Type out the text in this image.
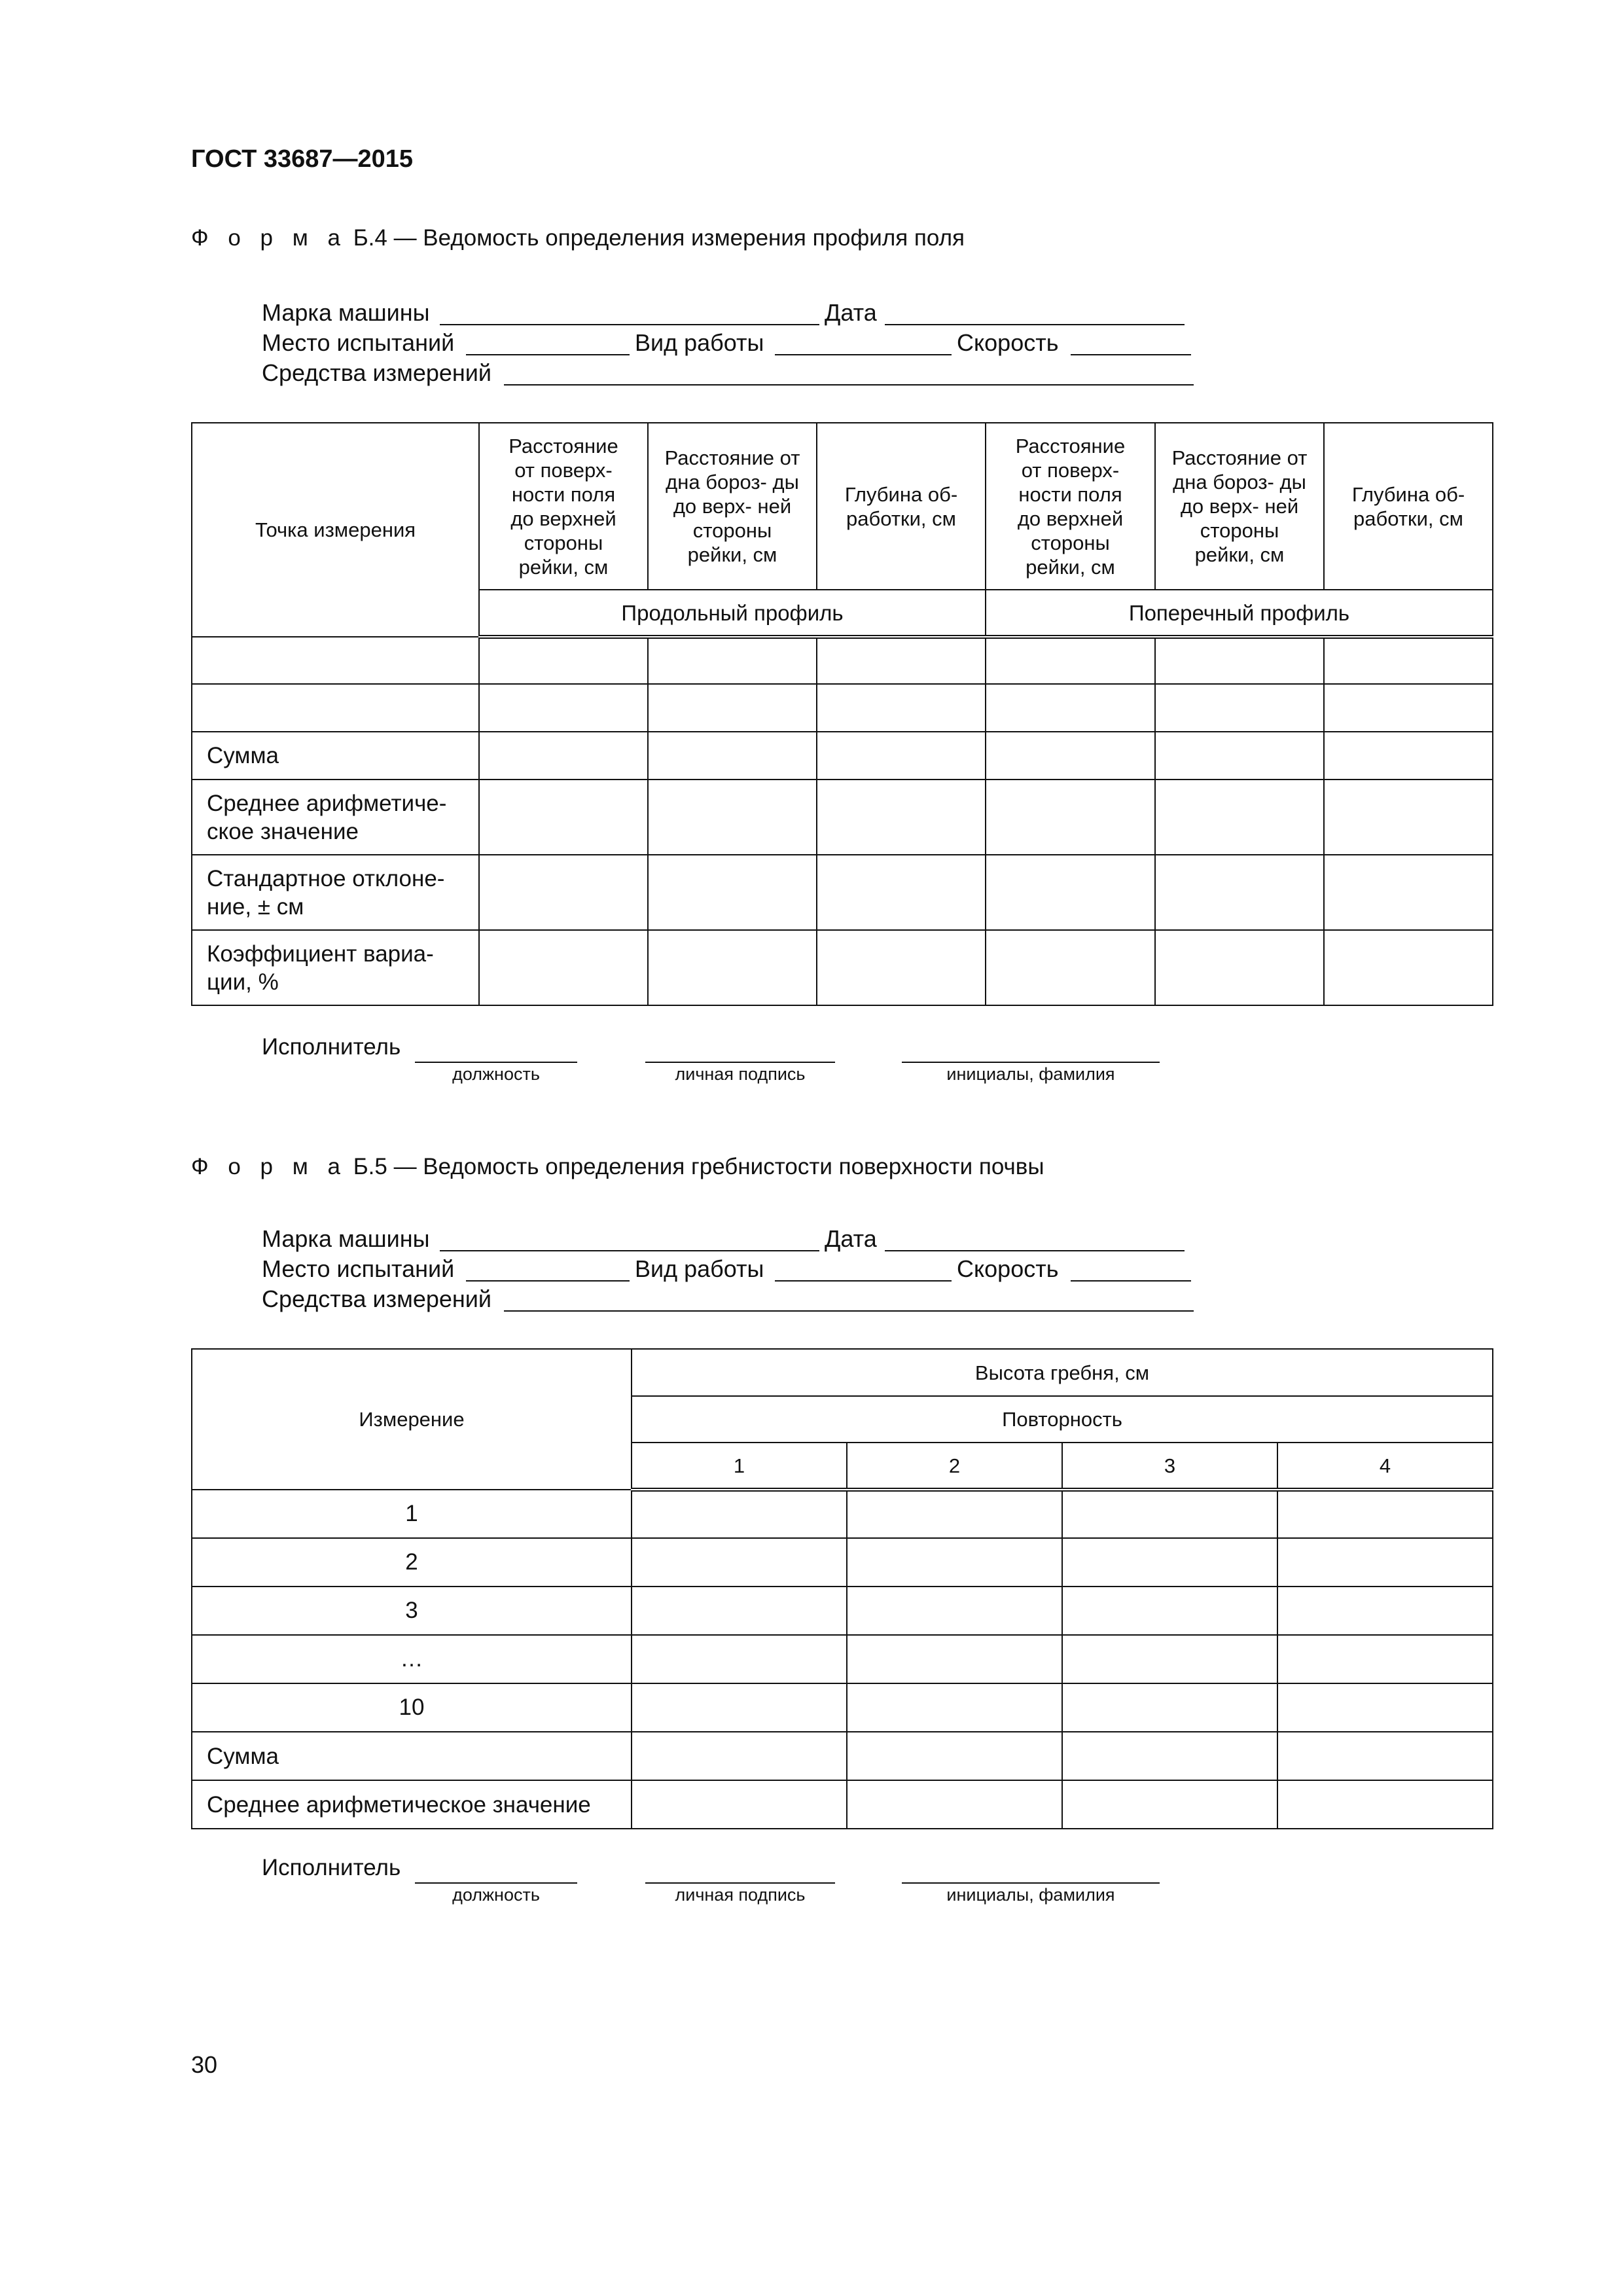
ГОСТ 33687—2015
Ф о р м а Б.4 — Ведомость определения измерения профиля поля
Марка машины	Дата
Место испытаний	Вид работы	Скорость
Средства измерений
Точка измерения	Расстояние от поверх- ности поля до верхней стороны рейки, см	Расстояние от дна бороз- ды до верх- ней стороны рейки, см	Глубина об- работки, см	Расстояние от поверх- ности поля до верхней стороны рейки, см	Расстояние от дна бороз- ды до верх- ней стороны рейки, см	Глубина об- работки, см
	Продольный профиль			Поперечный профиль		

Сумма						
Среднее арифметиче- ское значение						
Стандартное отклоне- ние, ± см						
Коэффициент вариа- ции, %						
Исполнитель
должность	личная подпись	инициалы, фамилия
Ф о р м а Б.5 — Ведомость определения гребнистости поверхности почвы
Марка машины	Дата
Место испытаний	Вид работы	Скорость
Средства измерений
Измерение	Высота гребня, см			
	Повторность			
	1	2	3	4
1				
2				
3				
…				
10				
Сумма				
Среднее арифметическое значение				
Исполнитель
должность	личная подпись	инициалы, фамилия
30
